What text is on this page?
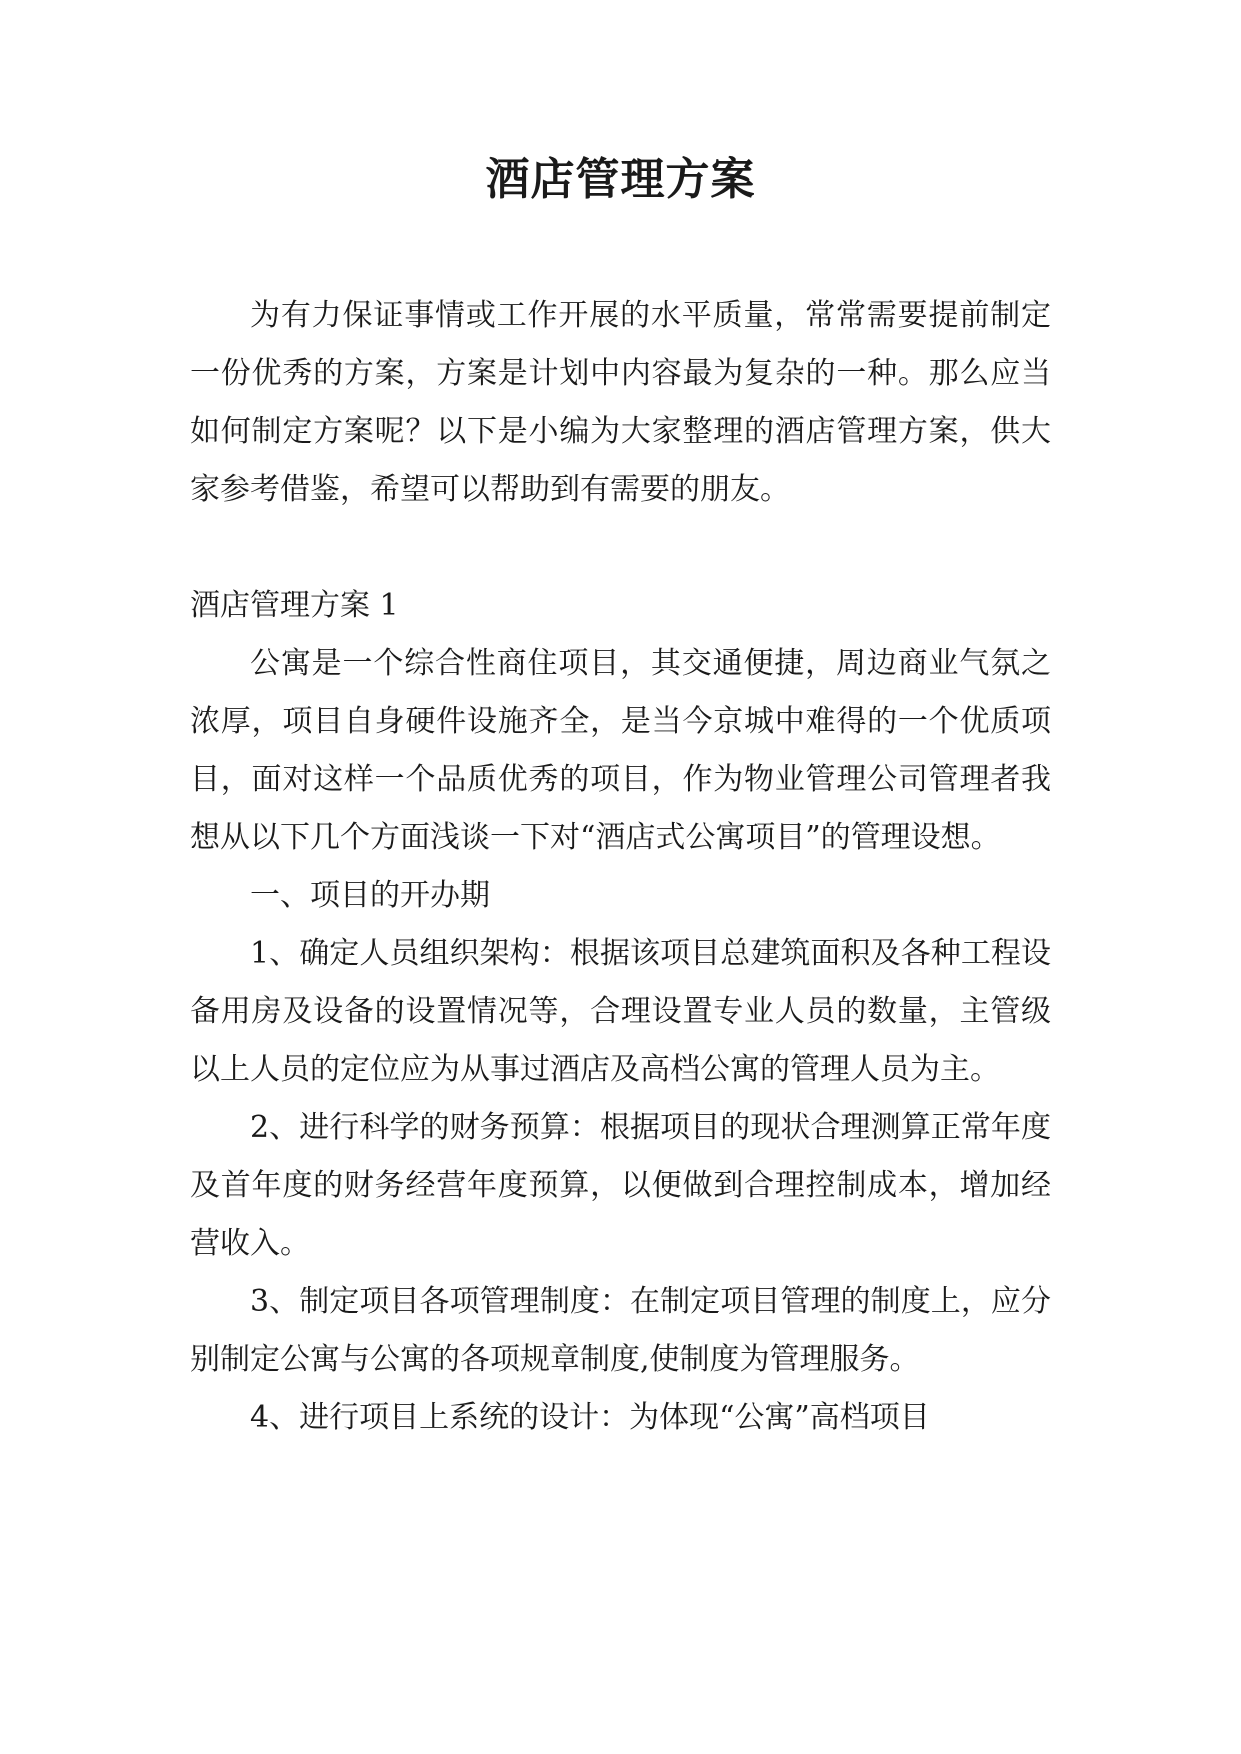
酒店管理方案

为有力保证事情或工作开展的水平质量，常常需要提前制定一份优秀的方案，方案是计划中内容最为复杂的一种。那么应当如何制定方案呢？以下是小编为大家整理的酒店管理方案，供大家参考借鉴，希望可以帮助到有需要的朋友。

酒店管理方案 1

公寓是一个综合性商住项目，其交通便捷，周边商业气氛之浓厚，项目自身硬件设施齐全，是当今京城中难得的一个优质项目，面对这样一个品质优秀的项目，作为物业管理公司管理者我想从以下几个方面浅谈一下对“酒店式公寓项目”的管理设想。

一、项目的开办期

1、确定人员组织架构：根据该项目总建筑面积及各种工程设备用房及设备的设置情况等，合理设置专业人员的数量，主管级以上人员的定位应为从事过酒店及高档公寓的管理人员为主。

2、进行科学的财务预算：根据项目的现状合理测算正常年度及首年度的财务经营年度预算，以便做到合理控制成本，增加经营收入。

3、制定项目各项管理制度：在制定项目管理的制度上，应分别制定公寓与公寓的各项规章制度,使制度为管理服务。

4、进行项目上系统的设计：为体现“公寓”高档项目
